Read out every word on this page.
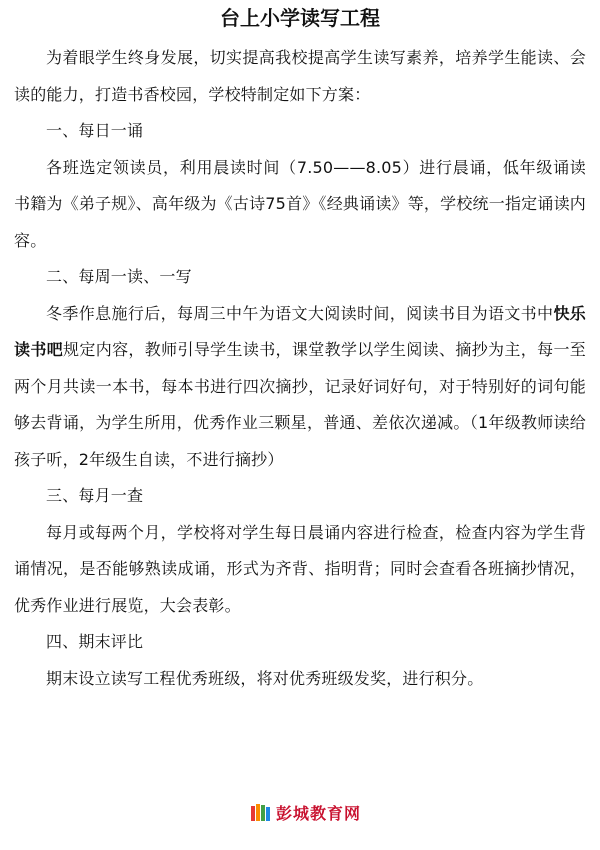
台上小学读写工程

为着眼学生终身发展，切实提高我校提高学生读写素养，培养学生能读、会读的能力，打造书香校园，学校特制定如下方案：

一、每日一诵

各班选定领读员，利用晨读时间（7.50——8.05）进行晨诵，低年级诵读书籍为《弟子规》、高年级为《古诗75首》《经典诵读》等，学校统一指定诵读内容。

二、每周一读、一写

冬季作息施行后，每周三中午为语文大阅读时间，阅读书目为语文书中快乐读书吧规定内容，教师引导学生读书，课堂教学以学生阅读、摘抄为主，每一至两个月共读一本书，每本书进行四次摘抄，记录好词好句，对于特别好的词句能够去背诵，为学生所用，优秀作业三颗星，普通、差依次递减。（1年级教师读给孩子听，2年级生自读，不进行摘抄）

三、每月一查

每月或每两个月，学校将对学生每日晨诵内容进行检查，检查内容为学生背诵情况，是否能够熟读成诵，形式为齐背、指明背；同时会查看各班摘抄情况，优秀作业进行展览，大会表彰。

四、期末评比

期末设立读写工程优秀班级，将对优秀班级发奖，进行积分。

彭城教育网
